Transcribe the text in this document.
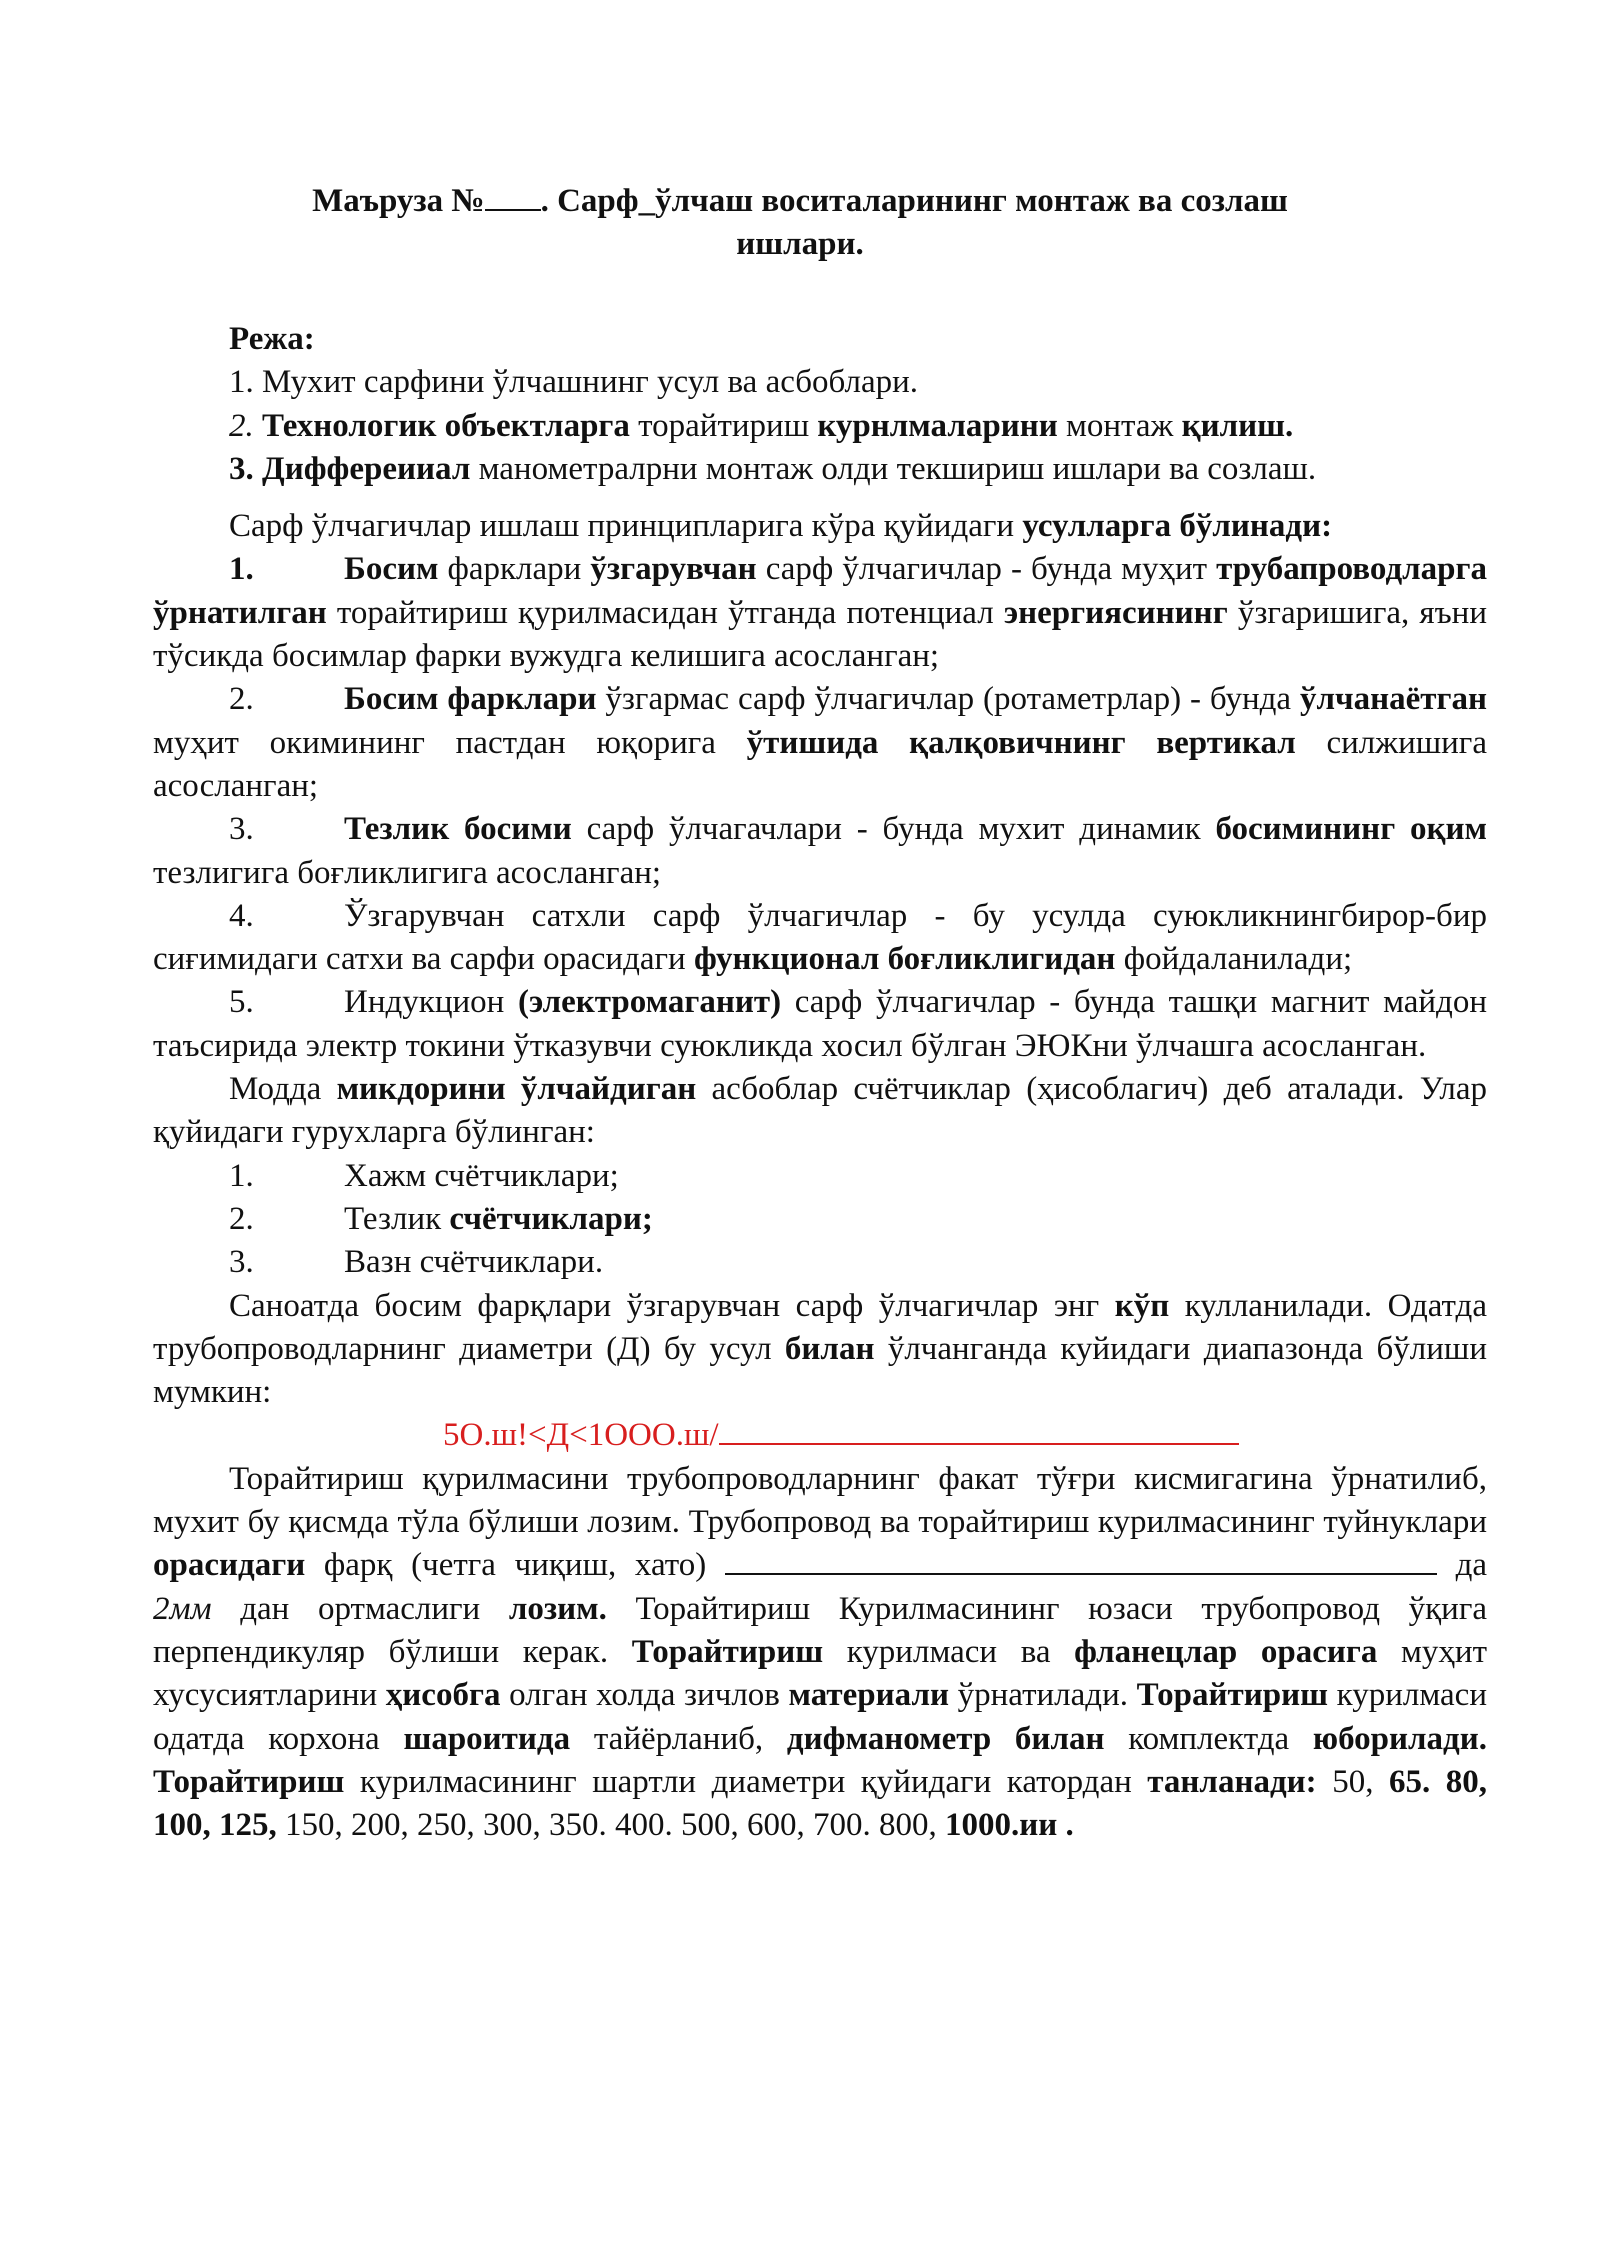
Маъруза № . Сарф_ўлчаш воситаларининг монтаж ва созлаш
ишлари.

Режа:

1. Мухит сарфини ўлчашнинг усул ва асбоблари.

2. Технологик объектларга торайтириш курнлмаларини монтаж қилиш.

3. Диффереииал манометралрни монтаж олди текшириш ишлари ва созлаш.

Сарф ўлчагичлар ишлаш принципларига кўра қуйидаги усулларга бўлинади:

1.	Босим фарклари ўзгарувчан сарф ўлчагичлар - бунда муҳит трубапроводларга ўрнатилган торайтириш қурилмасидан ўтганда потенциал энергиясининг ўзгаришига, яъни тўсикда босимлар фарки вужудга келишига асосланган;

2.	Босим фарклари ўзгармас сарф ўлчагичлар (ротаметрлар) - бунда ўлчанаётган муҳит окимининг пастдан юқорига ўтишида қалқовичнинг вертикал силжишига асосланган;

3.	Тезлик босими сарф ўлчагачлари - бунда мухит динамик босимининг оқим тезлигига боғликлигига асосланган;

4.	Ўзгарувчан сатхли сарф ўлчагичлар - бу усулда суюкликнингбирор-бир сиғимидаги сатхи ва сарфи орасидаги функционал боғликлигидан фойдаланилади;

5.	Индукцион (электромаганит) сарф ўлчагичлар - бунда ташқи магнит майдон таъсирида электр токини ўтказувчи суюкликда хосил бўлган ЭЮКни ўлчашга асосланган.

Модда микдорини ўлчайдиган асбоблар счётчиклар (ҳисоблагич) деб аталади. Улар қуйидаги гурухларга бўлинган:

1.	Хажм счётчиклари;

2.	Тезлик счётчиклари;

3.	Вазн счётчиклари.

Саноатда босим фарқлари ўзгарувчан сарф ўлчагичлар энг кўп кулланилади. Одатда трубопроводларнинг диаметри (Д) бу усул билан ўлчанганда куйидаги диапазонда бўлиши мумкин:

5О.ш!<Д<1ООО.ш/

Торайтириш қурилмасини трубопроводларнинг факат тўғри кисмигагина ўрнатилиб, мухит бу қисмда тўла бўлиши лозим. Трубопровод ва торайтириш курилмасининг туйнуклари орасидаги фарқ (четга чиқиш, хато)	да 2мм дан ортмаслиги лозим. Торайтириш Курилмасининг юзаси трубопровод ўқига перпендикуляр бўлиши керак. Торайтириш курилмаси ва фланецлар орасига муҳит хусусиятларини ҳисобга олган холда зичлов материали ўрнатилади. Торайтириш курилмаси одатда корхона шароитида тайёрланиб, дифманометр билан комплектда юборилади. Торайтириш курилмасининг шартли диаметри қуйидаги катордан танланади: 50, 65. 80, 100, 125, 150, 200, 250, 300, 350. 400. 500, 600, 700. 800, 1000.ии .
